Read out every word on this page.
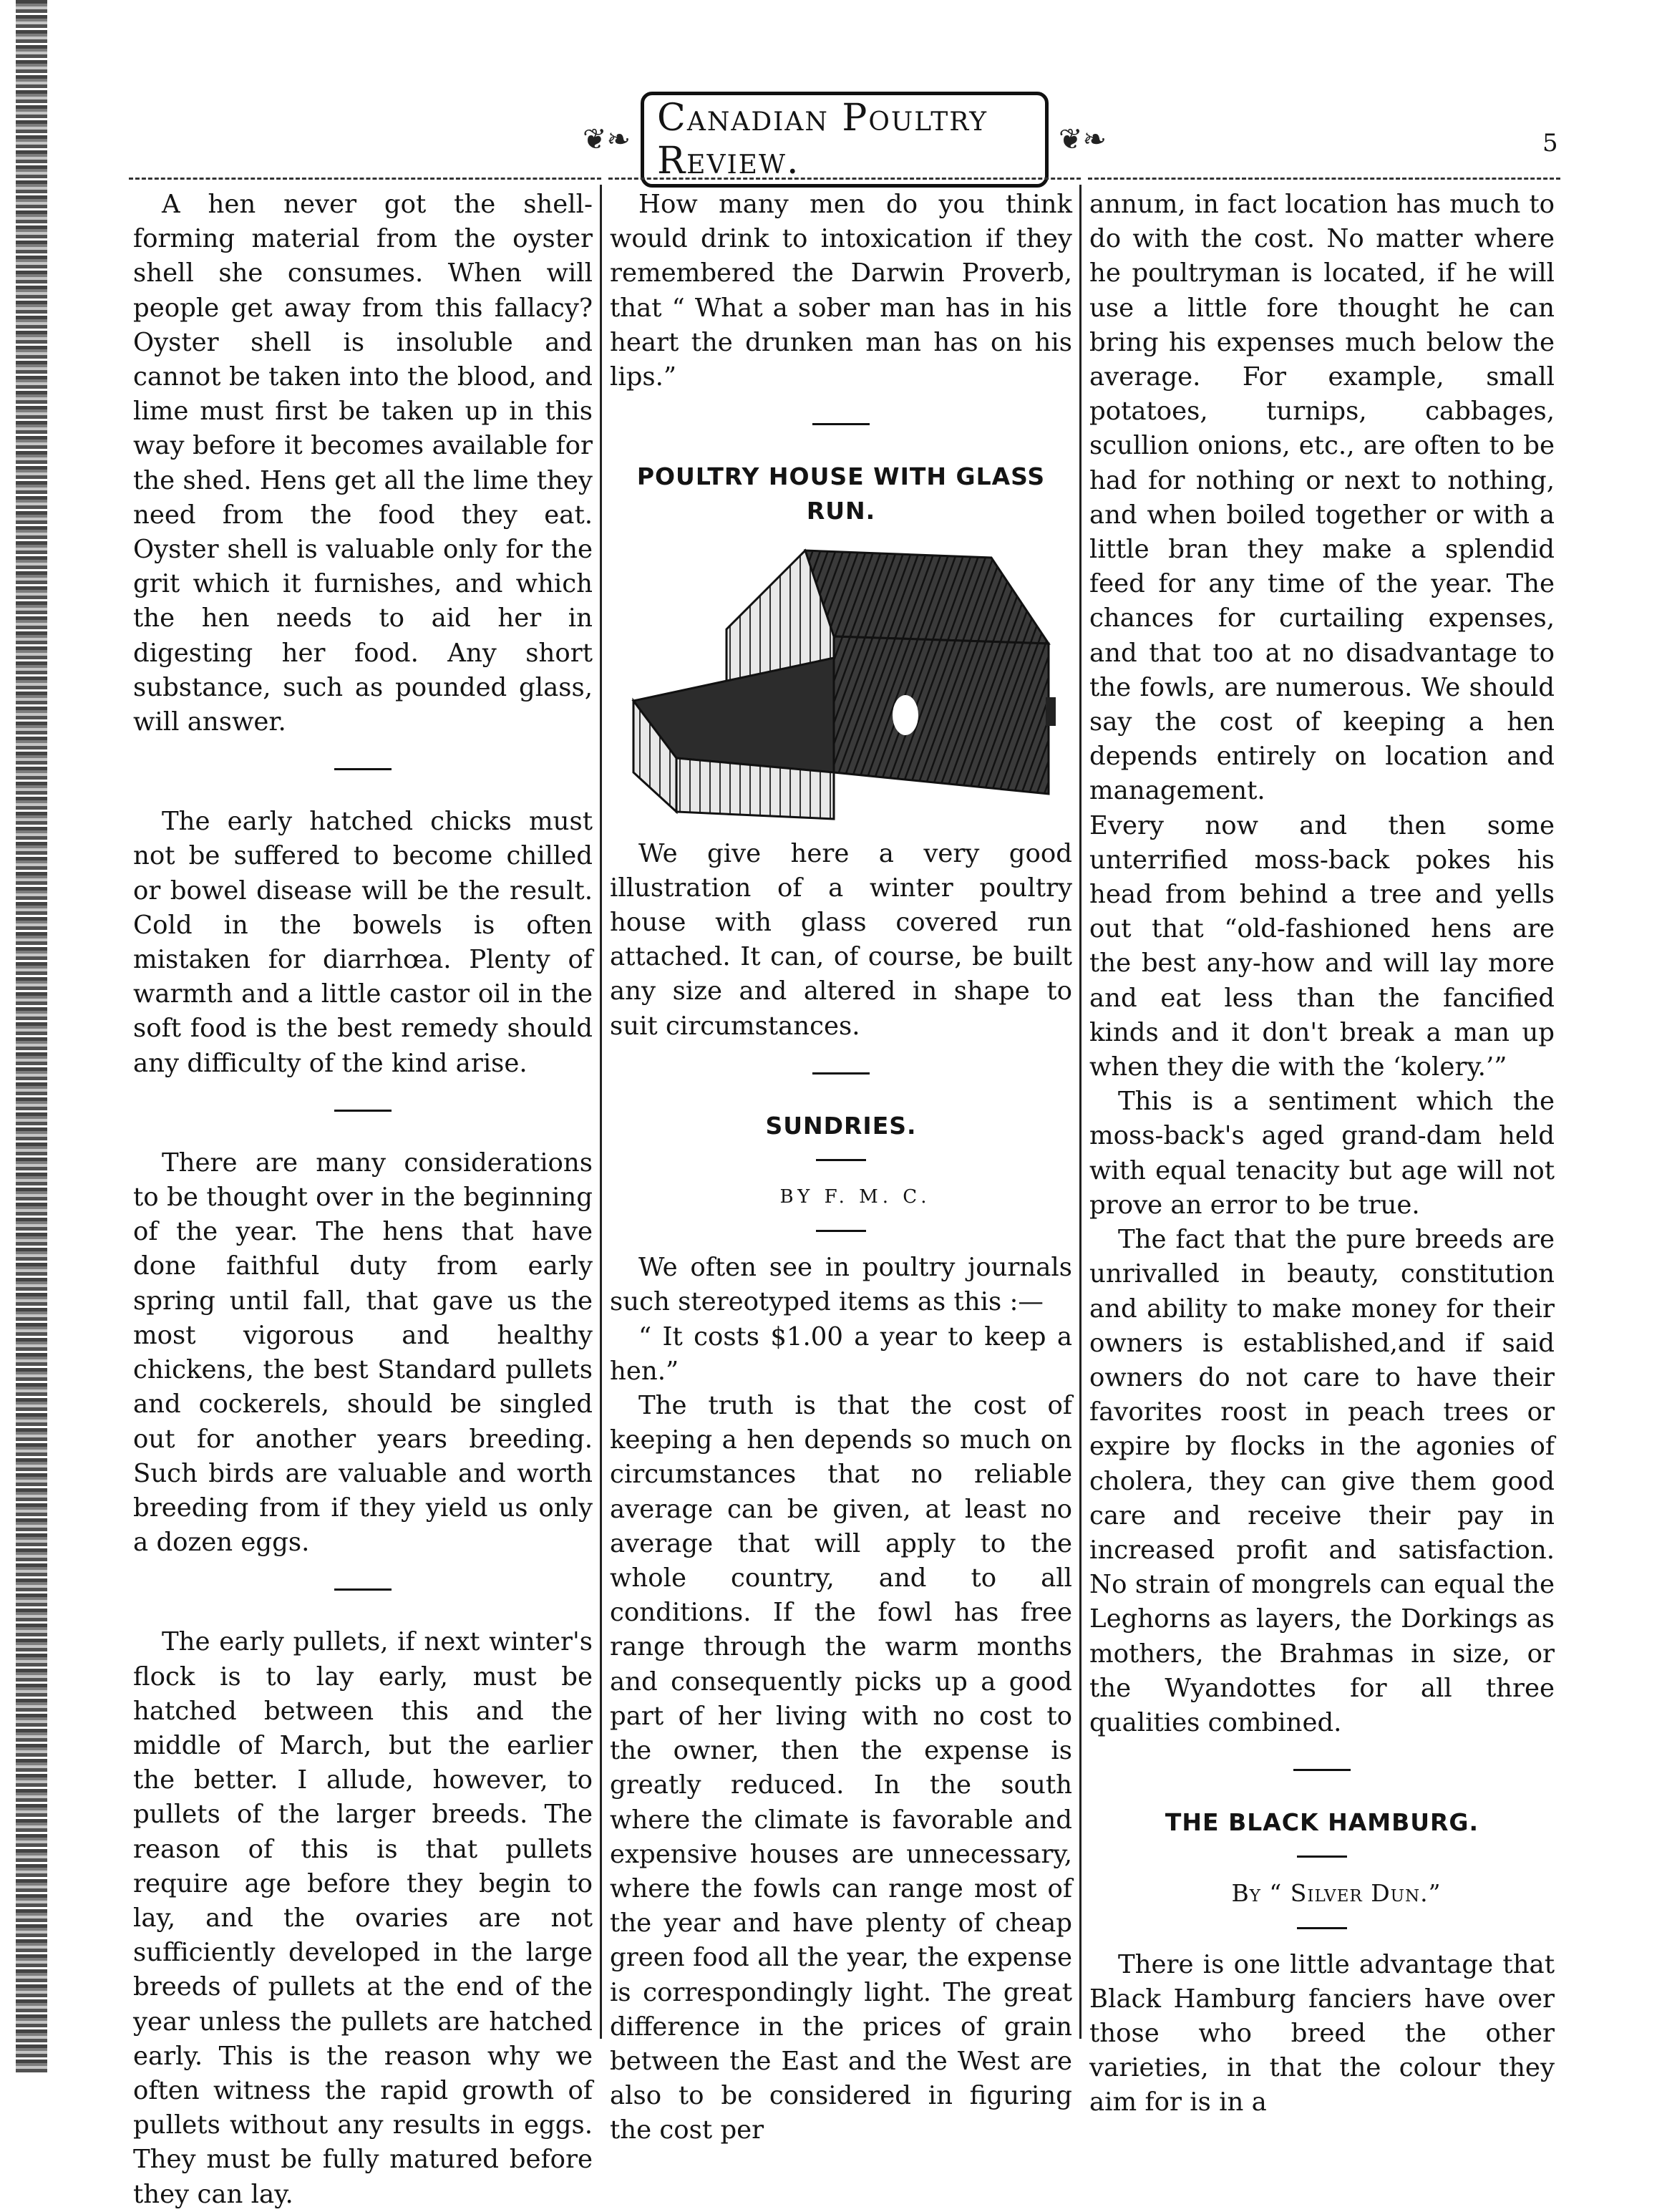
❦❧ Canadian Poultry Review.	❦❧	5

A hen never got the shell-forming material from the oyster shell she consumes. When will people get away from this fallacy? Oyster shell is insoluble and cannot be taken into the blood, and lime must first be taken up in this way before it becomes available for the shed. Hens get all the lime they need from the food they eat. Oyster shell is valuable only for the grit which it furnishes, and which the hen needs to aid her in digesting her food. Any short substance, such as pounded glass, will answer.

The early hatched chicks must not be suffered to become chilled or bowel disease will be the result. Cold in the bowels is often mistaken for diarrhœa. Plenty of warmth and a little castor oil in the soft food is the best remedy should any difficulty of the kind arise.

There are many considerations to be thought over in the beginning of the year. The hens that have done faithful duty from early spring until fall, that gave us the most vigorous and healthy chickens, the best Standard pullets and cockerels, should be singled out for another years breeding. Such birds are valuable and worth breeding from if they yield us only a dozen eggs.

The early pullets, if next winter's flock is to lay early, must be hatched between this and the middle of March, but the earlier the better. I allude, however, to pullets of the larger breeds. The reason of this is that pullets require age before they begin to lay, and the ovaries are not sufficiently developed in the large breeds of pullets at the end of the year unless the pullets are hatched early. This is the reason why we often witness the rapid growth of pullets without any results in eggs. They must be fully matured before they can lay.

How many men do you think would drink to intoxication if they remembered the Darwin Proverb, that “ What a sober man has in his heart the drunken man has on his lips.”

POULTRY HOUSE WITH GLASS RUN.

We give here a very good illustration of a winter poultry house with glass covered run attached. It can, of course, be built any size and altered in shape to suit circumstances.

SUNDRIES.

BY F. M. C.

We often see in poultry journals such stereotyped items as this :—

“ It costs $1.00 a year to keep a hen.”

The truth is that the cost of keeping a hen depends so much on circumstances that no reliable average can be given, at least no average that will apply to the whole country, and to all conditions. If the fowl has free range through the warm months and consequently picks up a good part of her living with no cost to the owner, then the expense is greatly reduced. In the south where the climate is favorable and expensive houses are unnecessary, where the fowls can range most of the year and have plenty of cheap green food all the year, the expense is correspondingly light. The great difference in the prices of grain between the East and the West are also to be considered in figuring the cost per

annum, in fact location has much to do with the cost. No matter where he poultryman is located, if he will use a little fore thought he can bring his expenses much below the average. For example, small potatoes, turnips, cabbages, scullion onions, etc., are often to be had for nothing or next to nothing, and when boiled together or with a little bran they make a splendid feed for any time of the year. The chances for curtailing expenses, and that too at no disadvantage to the fowls, are numerous. We should say the cost of keeping a hen depends entirely on location and management.

Every now and then some unterrified moss-back pokes his head from behind a tree and yells out that “old-fashioned hens are the best any-how and will lay more and eat less than the fancified kinds and it don't break a man up when they die with the ‘kolery.’”

This is a sentiment which the moss-back's aged grand-dam held with equal tenacity but age will not prove an error to be true.

The fact that the pure breeds are unrivalled in beauty, constitution and ability to make money for their owners is established,and if said owners do not care to have their favorites roost in peach trees or expire by flocks in the agonies of cholera, they can give them good care and receive their pay in increased profit and satisfaction. No strain of mongrels can equal the Leghorns as layers, the Dorkings as mothers, the Brahmas in size, or the Wyandottes for all three qualities combined.

THE BLACK HAMBURG.

By “ Silver Dun.”

There is one little advantage that Black Hamburg fanciers have over those who breed the other varieties, in that the colour they aim for is in a
